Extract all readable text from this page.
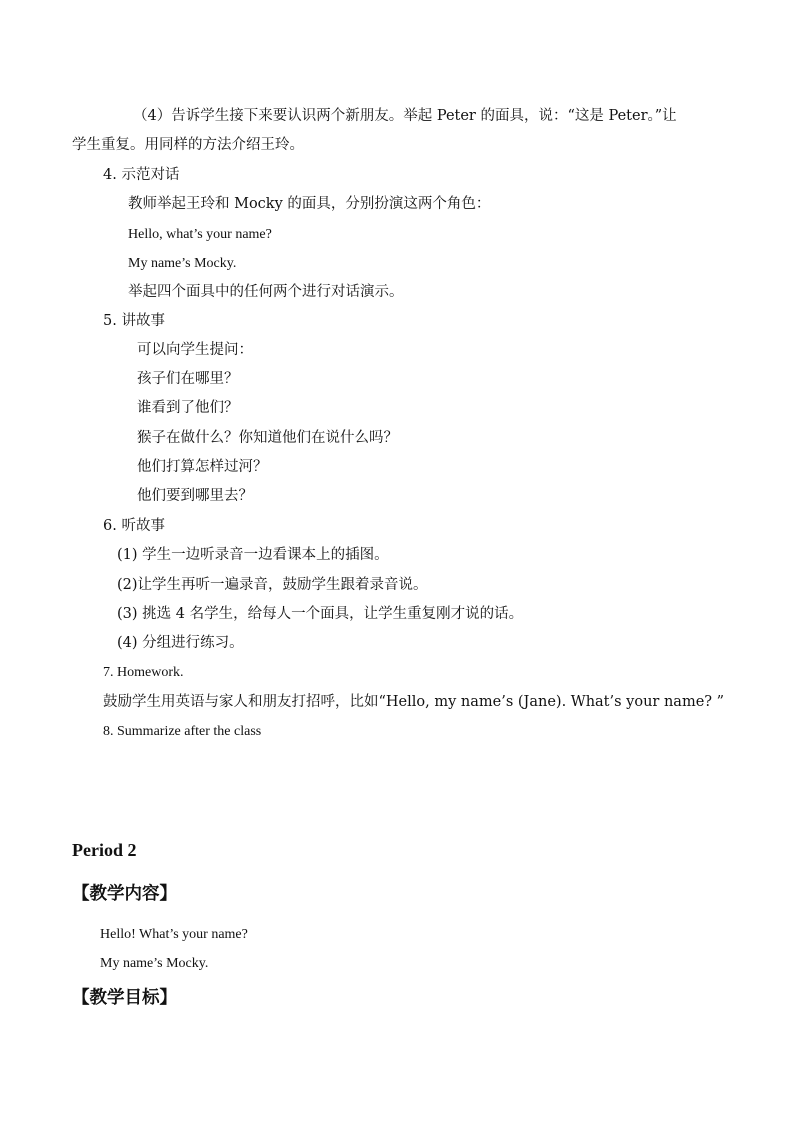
（4）告诉学生接下来要认识两个新朋友。举起 Peter 的面具，说：“这是 Peter。”让
学生重复。用同样的方法介绍王玲。
4. 示范对话
教师举起王玲和 Mocky 的面具，分别扮演这两个角色：
Hello, what’s your name?
My name’s Mocky.
举起四个面具中的任何两个进行对话演示。
5. 讲故事
可以向学生提问：
孩子们在哪里？
谁看到了他们？
猴子在做什么？你知道他们在说什么吗？
他们打算怎样过河？
他们要到哪里去？
6. 听故事
(1) 学生一边听录音一边看课本上的插图。
(2)让学生再听一遍录音，鼓励学生跟着录音说。
(3) 挑选 4 名学生，给每人一个面具，让学生重复刚才说的话。
(4) 分组进行练习。
7. Homework.
鼓励学生用英语与家人和朋友打招呼，比如“Hello, my name’s (Jane). What’s your name? ”
8. Summarize after the class
Period 2
【教学内容】
Hello! What’s your name?
My name’s Mocky.
【教学目标】
